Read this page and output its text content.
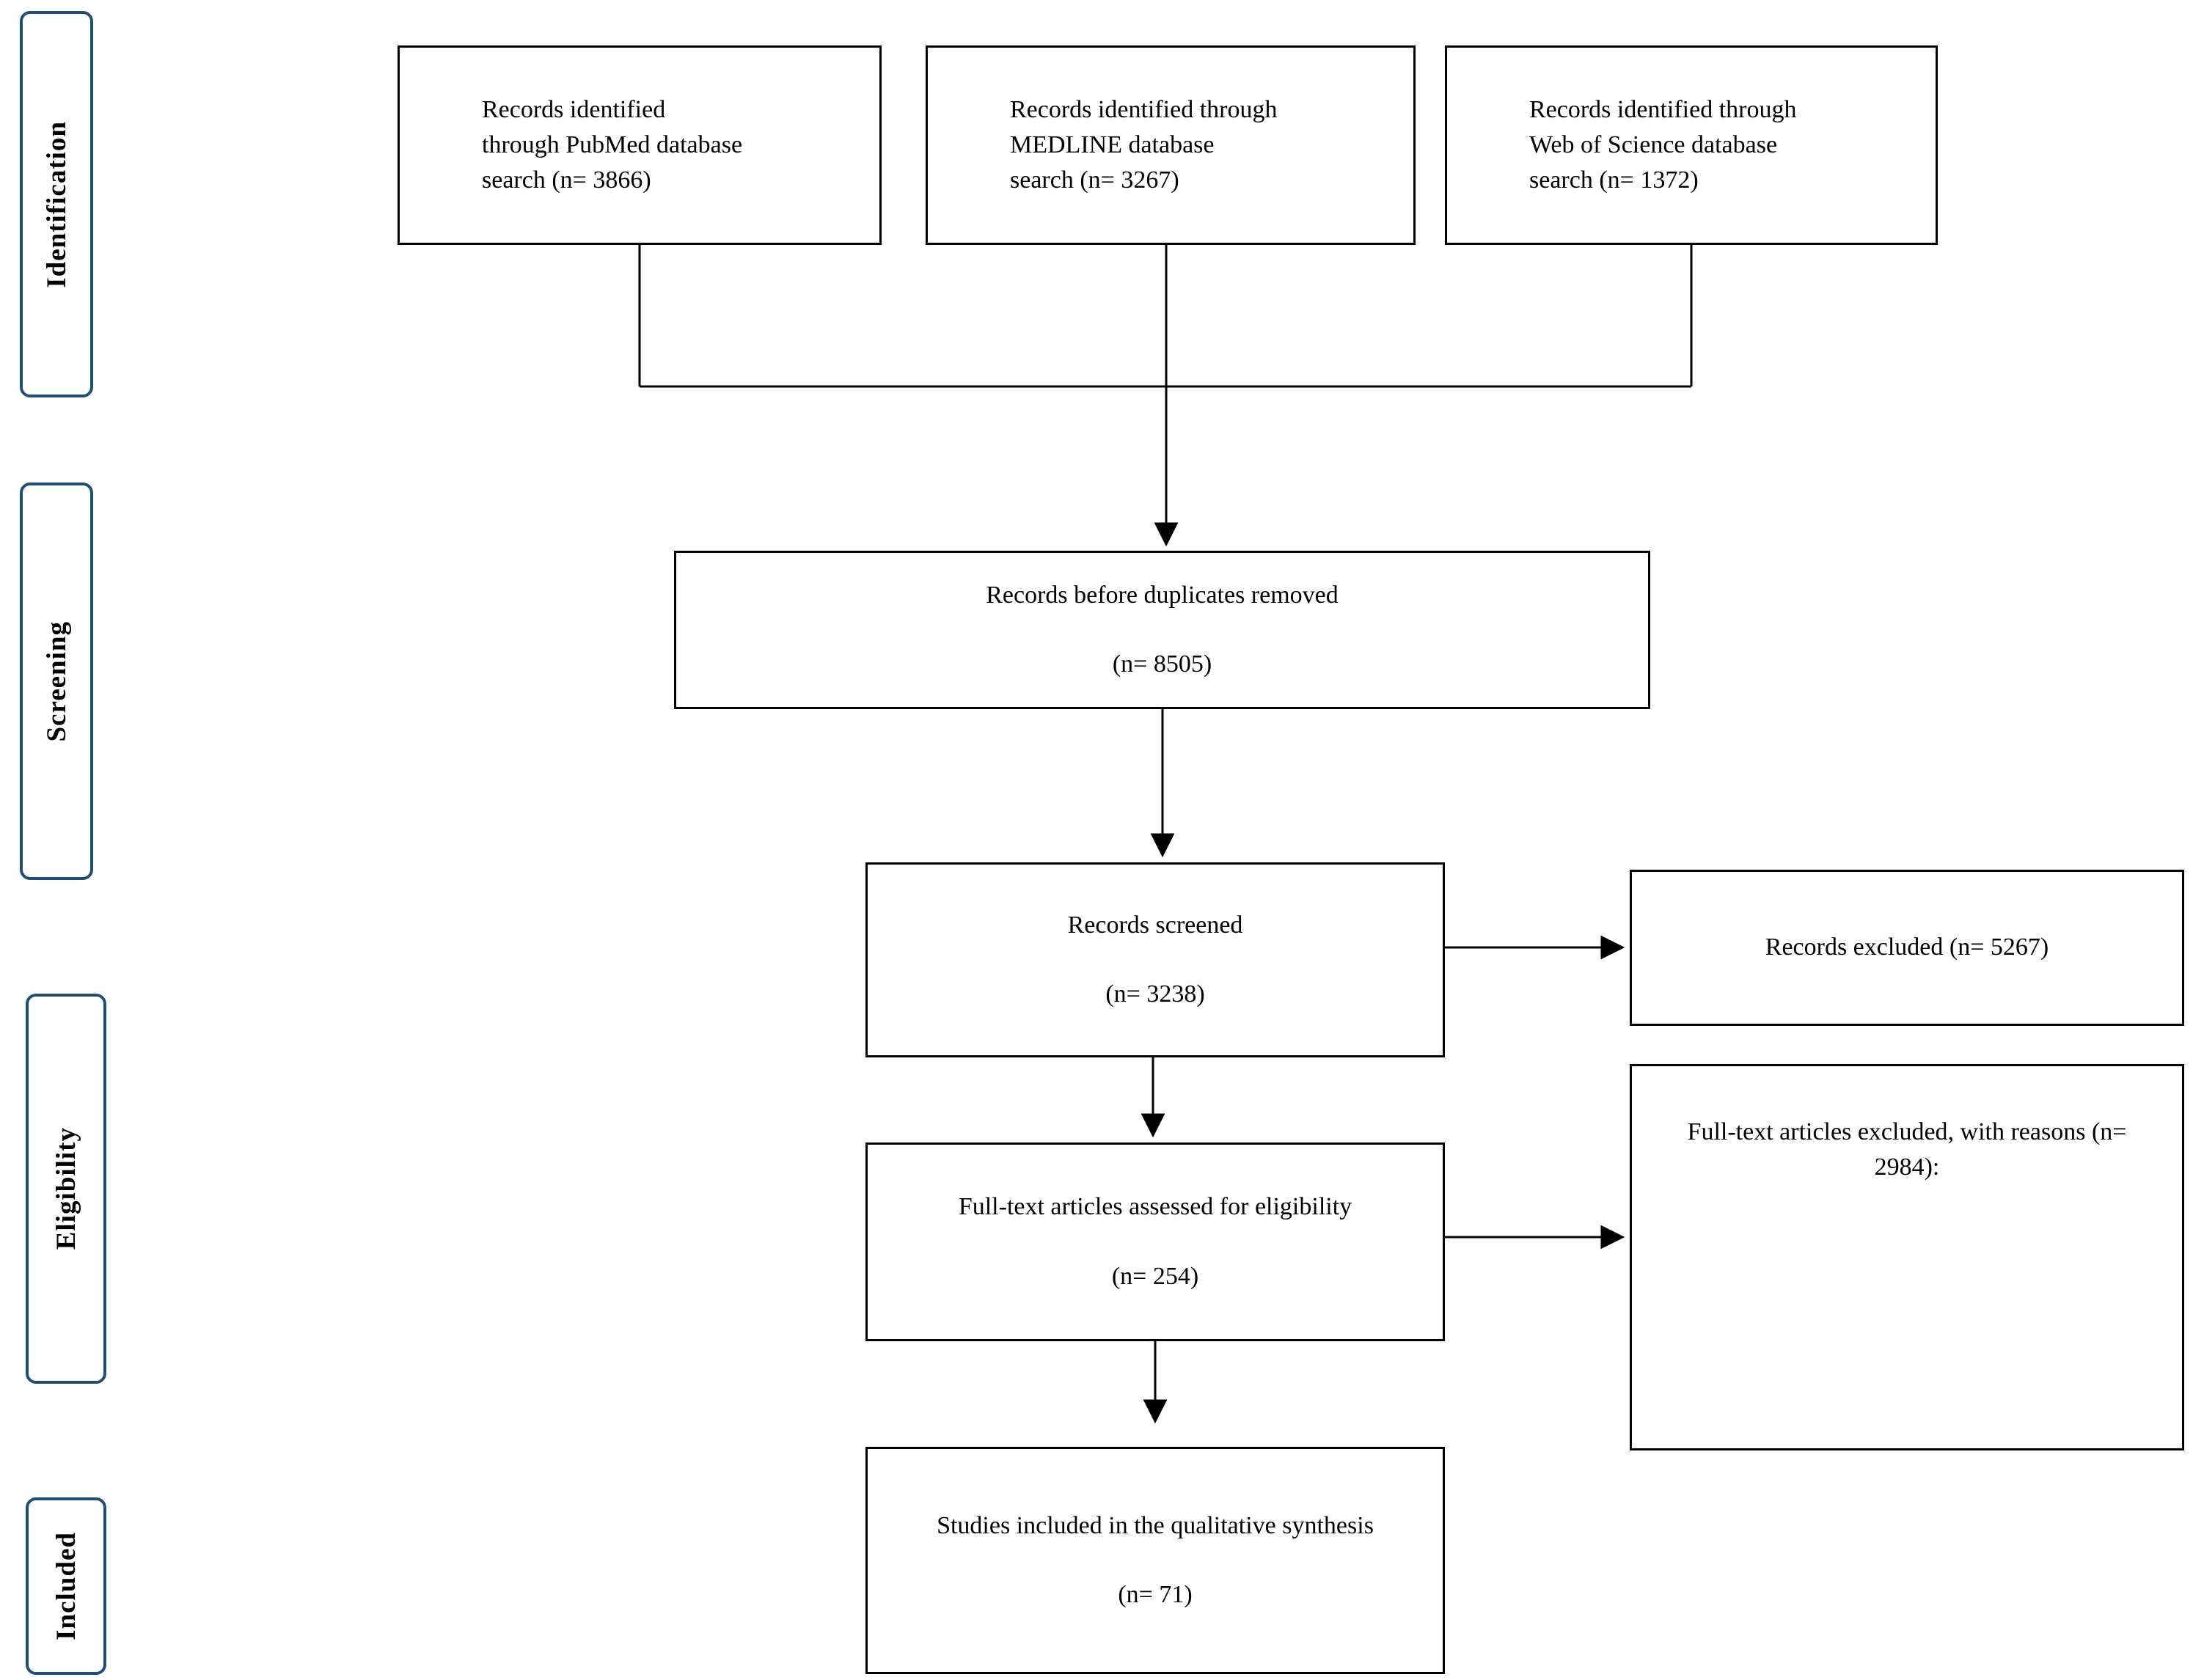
Identification
Screening
Eligibility
Included
Records identified
through PubMed database
search (n= 3866)
Records identified through
MEDLINE database
search (n= 3267)
Records identified through
Web of Science database
search (n= 1372)
Records before duplicates removed
(n= 8505)
Records screened
(n= 3238)
Records excluded (n= 5267)
Full-text articles assessed for eligibility
(n= 254)
Full-text articles excluded, with reasons (n= 2984):
Studies included in the qualitative synthesis
(n= 71)
